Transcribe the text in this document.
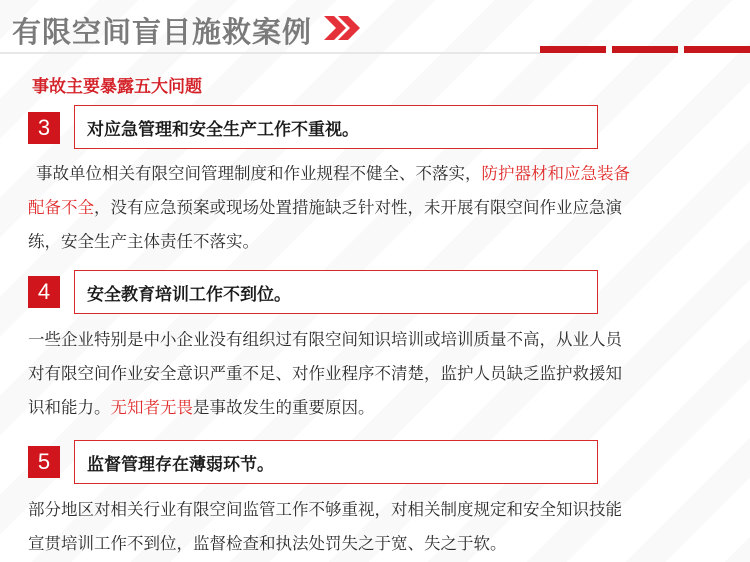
有限空间盲目施救案例
事故主要暴露五大问题
3	对应急管理和安全生产工作不重视。
事故单位相关有限空间管理制度和作业规程不健全、不落实，防护器材和应急装备
配备不全，没有应急预案或现场处置措施缺乏针对性，未开展有限空间作业应急演
练，安全生产主体责任不落实。
4	安全教育培训工作不到位。
一些企业特别是中小企业没有组织过有限空间知识培训或培训质量不高，从业人员
对有限空间作业安全意识严重不足、对作业程序不清楚，监护人员缺乏监护救援知
识和能力。无知者无畏是事故发生的重要原因。
5	监督管理存在薄弱环节。
部分地区对相关行业有限空间监管工作不够重视，对相关制度规定和安全知识技能
宣贯培训工作不到位，监督检查和执法处罚失之于宽、失之于软。
